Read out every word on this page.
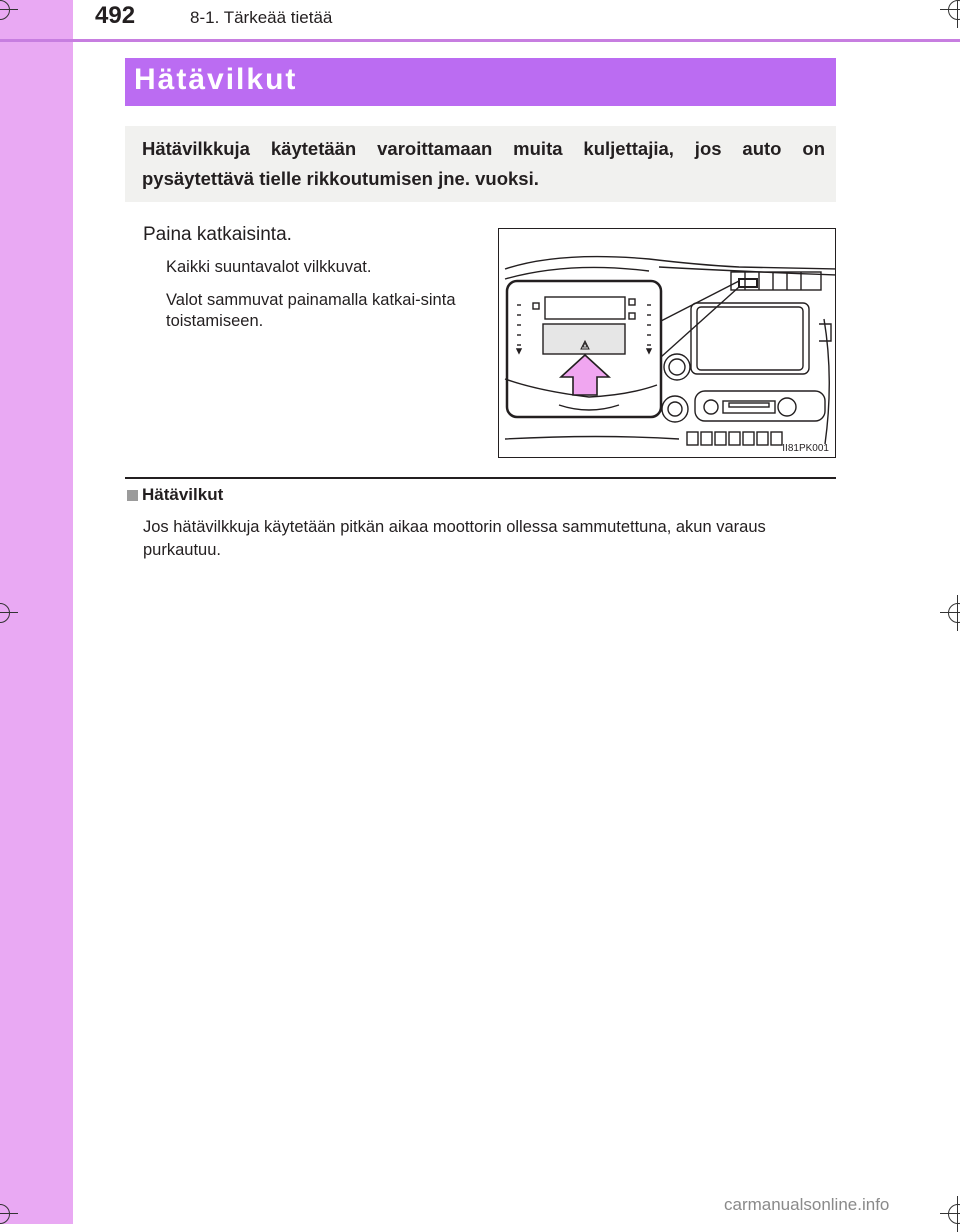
492	8-1. Tärkeää tietää
Hätävilkut
Hätävilkkuja käytetään varoittamaan muita kuljettajia, jos auto on pysäytettävä tielle rikkoutumisen jne. vuoksi.
Paina katkaisinta.
Kaikki suuntavalot vilkkuvat.
Valot sammuvat painamalla katkai-sinta toistamiseen.
II81PK001
Hätävilkut
Jos hätävilkkuja käytetään pitkän aikaa moottorin ollessa sammutettuna, akun varaus purkautuu.
carmanualsonline.info
